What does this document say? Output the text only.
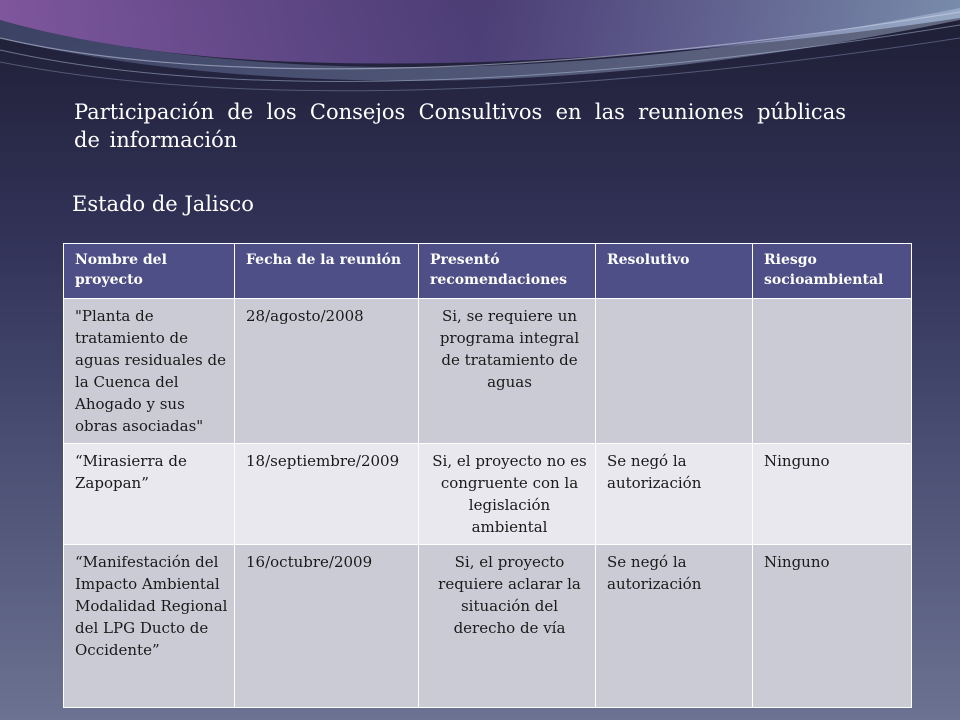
Participación de los Consejos Consultivos en las reuniones públicas de información
Estado de Jalisco
Nombre del proyecto	Fecha de la reunión	Presentó recomendaciones	Resolutivo	Riesgo socioambiental
"Planta de tratamiento de aguas residuales de la Cuenca del Ahogado y sus obras asociadas"	28/agosto/2008	Si, se requiere un programa integral de tratamiento de aguas		
“Mirasierra de Zapopan”	18/septiembre/2009	Si, el proyecto no es congruente con la legislación ambiental	Se negó la autorización	Ninguno
“Manifestación del Impacto Ambiental Modalidad Regional del LPG Ducto de Occidente”	16/octubre/2009	Si, el proyecto requiere aclarar la situación del derecho de vía	Se negó la autorización	Ninguno
